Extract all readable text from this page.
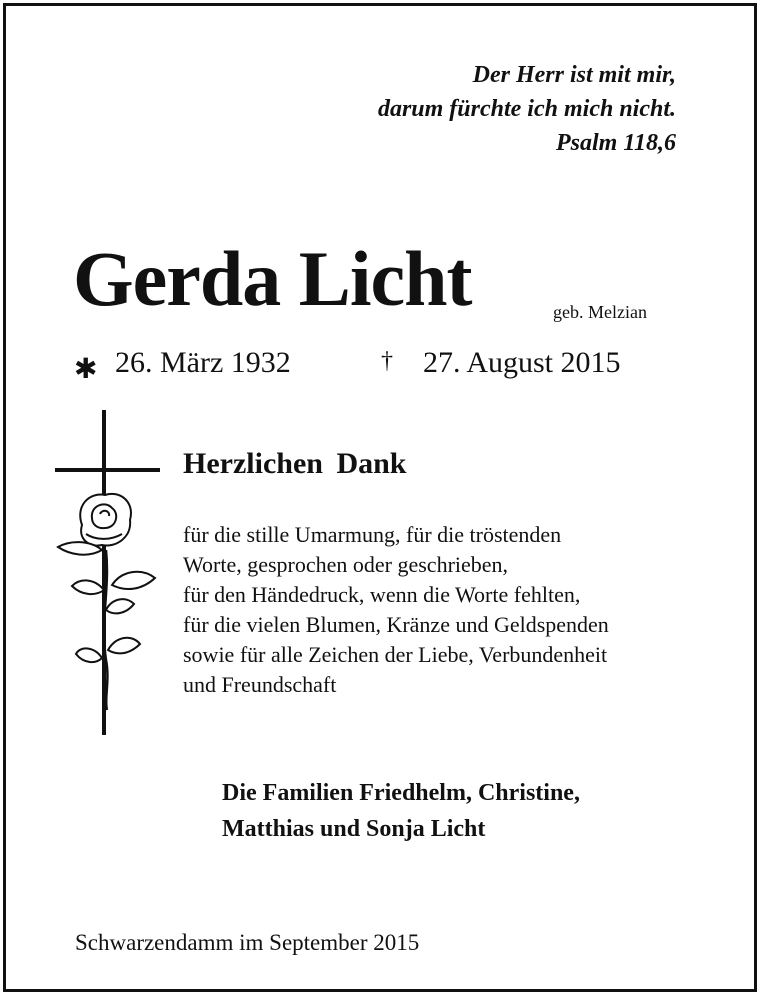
Der Herr ist mit mir,
darum fürchte ich mich nicht.
Psalm 118,6
Gerda Licht	geb. Melzian
✱ 26. März 1932	† 27. August 2015
Herzlichen Dank
für die stille Umarmung, für die tröstenden
Worte, gesprochen oder geschrieben,
für den Händedruck, wenn die Worte fehlten,
für die vielen Blumen, Kränze und Geldspenden
sowie für alle Zeichen der Liebe, Verbundenheit
und Freundschaft
Die Familien Friedhelm, Christine,
Matthias und Sonja Licht
Schwarzendamm im September 2015
